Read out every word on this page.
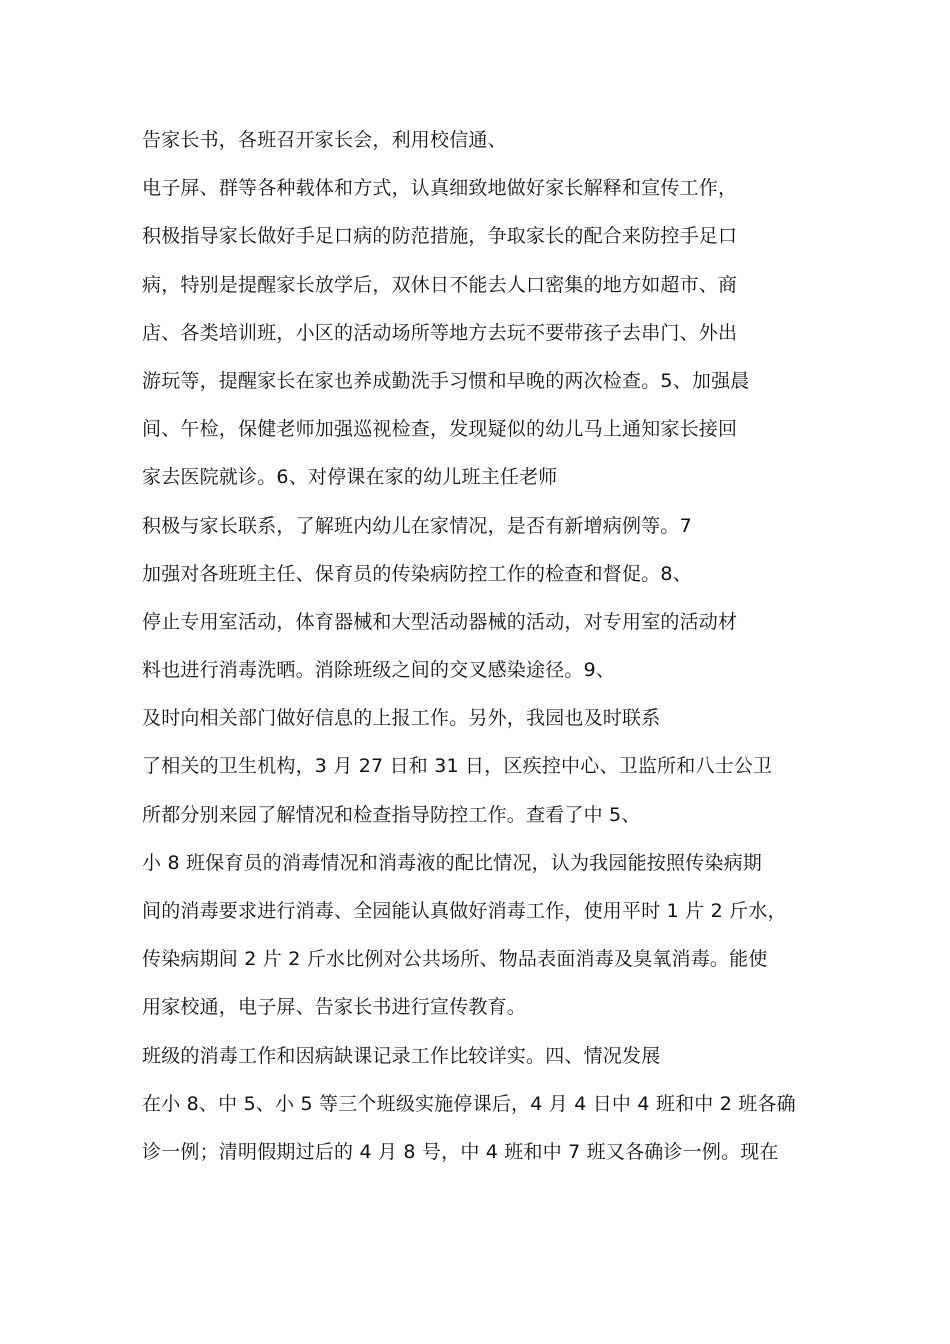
告家长书，各班召开家长会，利用校信通、
电子屏、群等各种载体和方式，认真细致地做好家长解释和宣传工作，
积极指导家长做好手足口病的防范措施，争取家长的配合来防控手足口
病，特别是提醒家长放学后，双休日不能去人口密集的地方如超市、商
店、各类培训班，小区的活动场所等地方去玩不要带孩子去串门、外出
游玩等，提醒家长在家也养成勤洗手习惯和早晚的两次检查。5、加强晨
间、午检，保健老师加强巡视检查，发现疑似的幼儿马上通知家长接回
家去医院就诊。6、对停课在家的幼儿班主任老师
积极与家长联系，了解班内幼儿在家情况，是否有新增病例等。7
加强对各班班主任、保育员的传染病防控工作的检查和督促。8、
停止专用室活动，体育器械和大型活动器械的活动，对专用室的活动材
料也进行消毒洗晒。消除班级之间的交叉感染途径。9、
及时向相关部门做好信息的上报工作。另外，我园也及时联系
了相关的卫生机构，3 月 27 日和 31 日，区疾控中心、卫监所和八士公卫
所都分别来园了解情况和检查指导防控工作。查看了中 5、
小 8 班保育员的消毒情况和消毒液的配比情况，认为我园能按照传染病期
间的消毒要求进行消毒、全园能认真做好消毒工作，使用平时 1 片 2 斤水，
传染病期间 2 片 2 斤水比例对公共场所、物品表面消毒及臭氧消毒。能使
用家校通，电子屏、告家长书进行宣传教育。
班级的消毒工作和因病缺课记录工作比较详实。四、情况发展
在小 8、中 5、小 5 等三个班级实施停课后，4 月 4 日中 4 班和中 2 班各确
诊一例；清明假期过后的 4 月 8 号，中 4 班和中 7 班又各确诊一例。现在
